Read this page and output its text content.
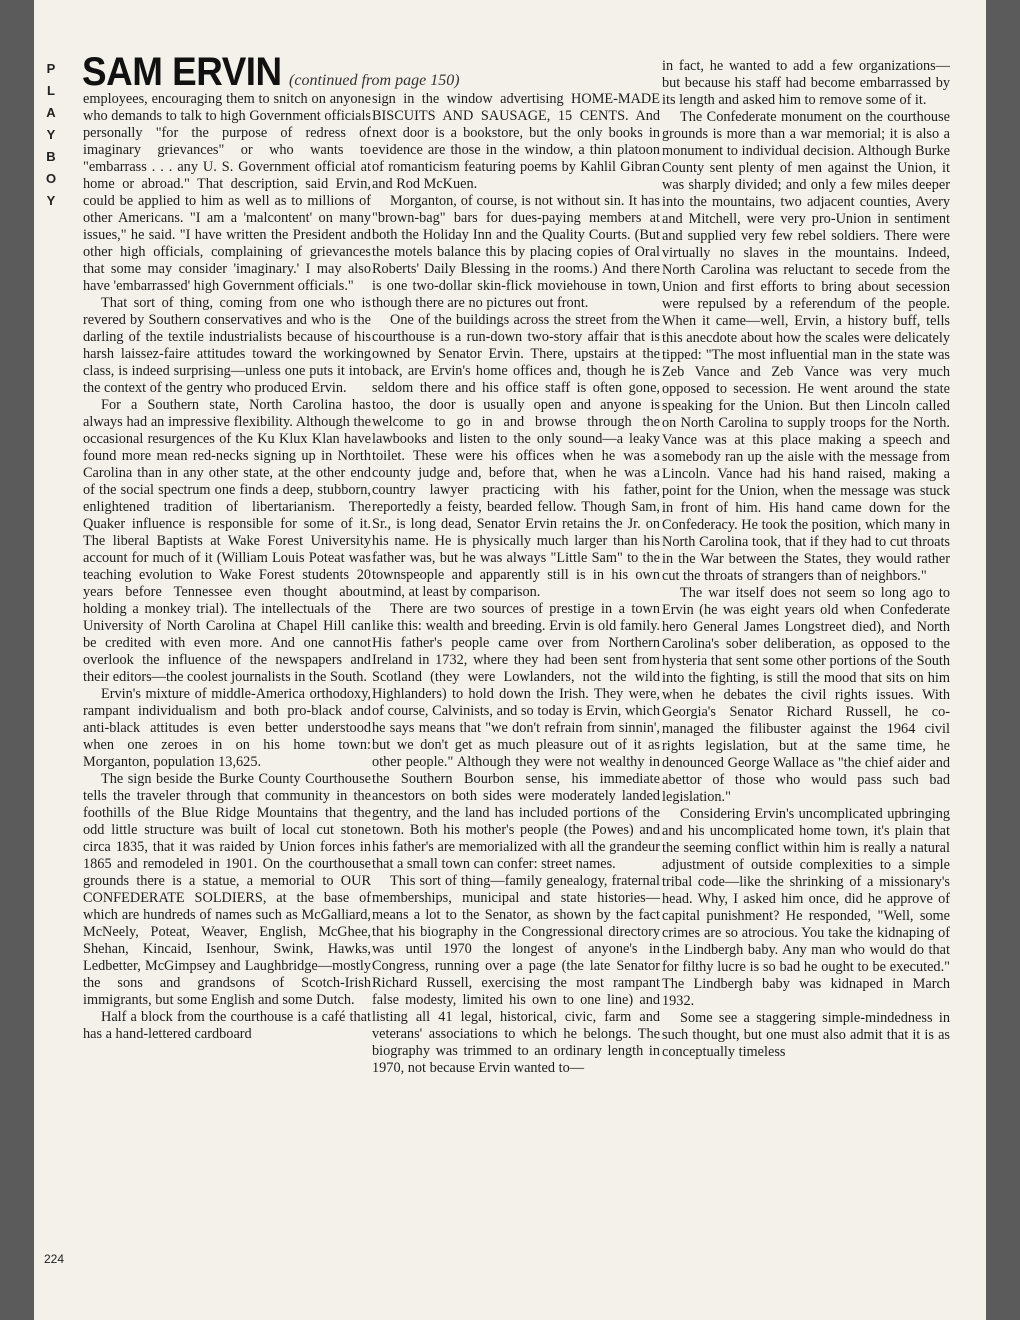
P
L
A
Y
B
O
Y
SAM ERVIN (continued from page 150)

employees, encouraging them to snitch on anyone who demands to talk to high Government officials personally "for the purpose of redress of imaginary grievances" or who wants to "embarrass . . . any U. S. Government official at home or abroad." That description, said Ervin, could be applied to him as well as to millions of other Americans. "I am a 'malcontent' on many issues," he said. "I have written the President and other high officials, complaining of grievances that some may consider 'imaginary.' I may also have 'embarrassed' high Government officials."

That sort of thing, coming from one who is revered by Southern conservatives and who is the darling of the textile industrialists because of his harsh laissez-faire attitudes toward the working class, is indeed surprising—unless one puts it into the context of the gentry who produced Ervin.

For a Southern state, North Carolina has always had an impressive flexibility. Although the occasional resurgences of the Ku Klux Klan have found more mean red-necks signing up in North Carolina than in any other state, at the other end of the social spectrum one finds a deep, stubborn, enlightened tradition of libertarianism. The Quaker influence is responsible for some of it. The liberal Baptists at Wake Forest University account for much of it (William Louis Poteat was teaching evolution to Wake Forest students 20 years before Tennessee even thought about holding a monkey trial). The intellectuals of the University of North Carolina at Chapel Hill can be credited with even more. And one cannot overlook the influence of the newspapers and their editors—the coolest journalists in the South.

Ervin's mixture of middle-America orthodoxy, rampant individualism and both pro-black and anti-black attitudes is even better understood when one zeroes in on his home town: Morganton, population 13,625.

The sign beside the Burke County Courthouse tells the traveler through that community in the foothills of the Blue Ridge Mountains that the odd little structure was built of local cut stone circa 1835, that it was raided by Union forces in 1865 and remodeled in 1901. On the courthouse grounds there is a statue, a memorial to OUR CONFEDERATE SOLDIERS, at the base of which are hundreds of names such as McGalliard, McNeely, Poteat, Weaver, English, McGhee, Shehan, Kincaid, Isenhour, Swink, Hawks, Ledbetter, McGimpsey and Laughbridge—mostly the sons and grandsons of Scotch-Irish immigrants, but some English and some Dutch.

Half a block from the courthouse is a café that has a hand-lettered cardboard

sign in the window advertising HOME-MADE BISCUITS AND SAUSAGE, 15 CENTS. And next door is a bookstore, but the only books in evidence are those in the window, a thin platoon of romanticism featuring poems by Kahlil Gibran and Rod McKuen.

Morganton, of course, is not without sin. It has "brown-bag" bars for dues-paying members at both the Holiday Inn and the Quality Courts. (But the motels balance this by placing copies of Oral Roberts' Daily Blessing in the rooms.) And there is one two-dollar skin-flick moviehouse in town, though there are no pictures out front.

One of the buildings across the street from the courthouse is a run-down two-story affair that is owned by Senator Ervin. There, upstairs at the back, are Ervin's home offices and, though he is seldom there and his office staff is often gone, too, the door is usually open and anyone is welcome to go in and browse through the lawbooks and listen to the only sound—a leaky toilet. These were his offices when he was a county judge and, before that, when he was a country lawyer practicing with his father, reportedly a feisty, bearded fellow. Though Sam, Sr., is long dead, Senator Ervin retains the Jr. on his name. He is physically much larger than his father was, but he was always "Little Sam" to the townspeople and apparently still is in his own mind, at least by comparison.

There are two sources of prestige in a town like this: wealth and breeding. Ervin is old family. His father's people came over from Northern Ireland in 1732, where they had been sent from Scotland (they were Lowlanders, not the wild Highlanders) to hold down the Irish. They were, of course, Calvinists, and so today is Ervin, which he says means that "we don't refrain from sinnin', but we don't get as much pleasure out of it as other people." Although they were not wealthy in the Southern Bourbon sense, his immediate ancestors on both sides were moderately landed gentry, and the land has included portions of the town. Both his mother's people (the Powes) and his father's are memorialized with all the grandeur that a small town can confer: street names.

This sort of thing—family genealogy, fraternal memberships, municipal and state histories—means a lot to the Senator, as shown by the fact that his biography in the Congressional directory was until 1970 the longest of anyone's in Congress, running over a page (the late Senator Richard Russell, exercising the most rampant false modesty, limited his own to one line) and listing all 41 legal, historical, civic, farm and veterans' associations to which he belongs. The biography was trimmed to an ordinary length in 1970, not because Ervin wanted to—

in fact, he wanted to add a few organizations—but because his staff had become embarrassed by its length and asked him to remove some of it.

The Confederate monument on the courthouse grounds is more than a war memorial; it is also a monument to individual decision. Although Burke County sent plenty of men against the Union, it was sharply divided; and only a few miles deeper into the mountains, two adjacent counties, Avery and Mitchell, were very pro-Union in sentiment and supplied very few rebel soldiers. There were virtually no slaves in the mountains. Indeed, North Carolina was reluctant to secede from the Union and first efforts to bring about secession were repulsed by a referendum of the people. When it came—well, Ervin, a history buff, tells this anecdote about how the scales were delicately tipped: "The most influential man in the state was Zeb Vance and Zeb Vance was very much opposed to secession. He went around the state speaking for the Union. But then Lincoln called on North Carolina to supply troops for the North. Vance was at this place making a speech and somebody ran up the aisle with the message from Lincoln. Vance had his hand raised, making a point for the Union, when the message was stuck in front of him. His hand came down for the Confederacy. He took the position, which many in North Carolina took, that if they had to cut throats in the War between the States, they would rather cut the throats of strangers than of neighbors."

The war itself does not seem so long ago to Ervin (he was eight years old when Confederate hero General James Longstreet died), and North Carolina's sober deliberation, as opposed to the hysteria that sent some other portions of the South into the fighting, is still the mood that sits on him when he debates the civil rights issues. With Georgia's Senator Richard Russell, he co-managed the filibuster against the 1964 civil rights legislation, but at the same time, he denounced George Wallace as "the chief aider and abettor of those who would pass such bad legislation."

Considering Ervin's uncomplicated upbringing and his uncomplicated home town, it's plain that the seeming conflict within him is really a natural adjustment of outside complexities to a simple tribal code—like the shrinking of a missionary's head. Why, I asked him once, did he approve of capital punishment? He responded, "Well, some crimes are so atrocious. You take the kidnaping of the Lindbergh baby. Any man who would do that for filthy lucre is so bad he ought to be executed." The Lindbergh baby was kidnaped in March 1932.

Some see a staggering simple-mindedness in such thought, but one must also admit that it is as conceptually timeless

224
